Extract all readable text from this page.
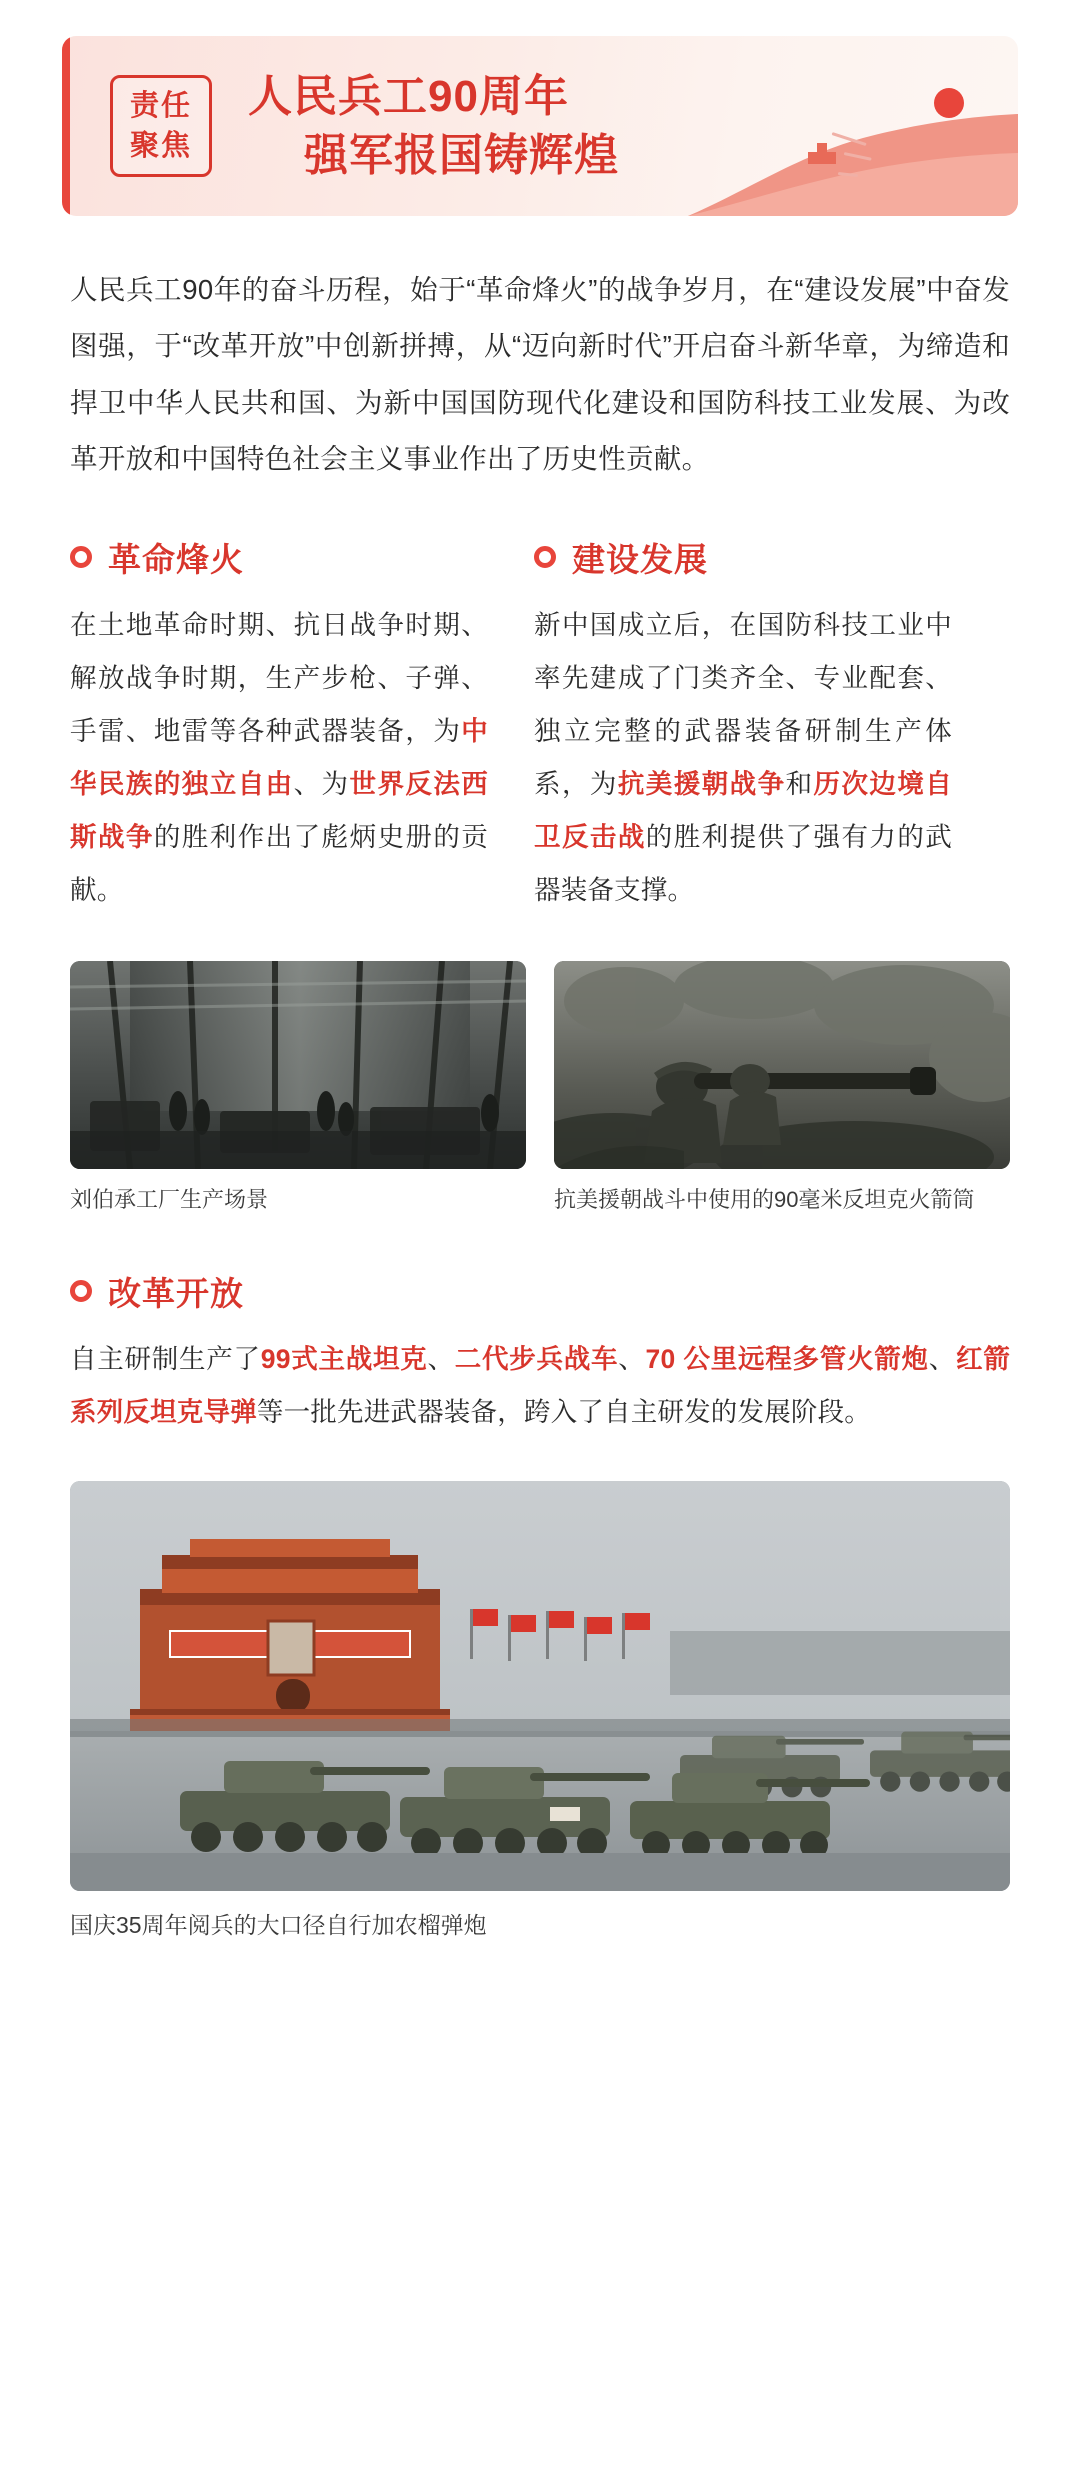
责任
聚焦
人民兵工90周年
强军报国铸辉煌
人民兵工90年的奋斗历程，始于“革命烽火”的战争岁月，在“建设发展”中奋发图强，于“改革开放”中创新拼搏，从“迈向新时代”开启奋斗新华章，为缔造和捍卫中华人民共和国、为新中国国防现代化建设和国防科技工业发展、为改革开放和中国特色社会主义事业作出了历史性贡献。
革命烽火
在土地革命时期、抗日战争时期、解放战争时期，生产步枪、子弹、手雷、地雷等各种武器装备，为中华民族的独立自由、为世界反法西斯战争的胜利作出了彪炳史册的贡献。
建设发展
新中国成立后，在国防科技工业中率先建成了门类齐全、专业配套、独立完整的武器装备研制生产体系，为抗美援朝战争和历次边境自卫反击战的胜利提供了强有力的武器装备支撑。
刘伯承工厂生产场景	抗美援朝战斗中使用的90毫米反坦克火箭筒
改革开放
自主研制生产了99式主战坦克、二代步兵战车、70 公里远程多管火箭炮、红箭系列反坦克导弹等一批先进武器装备，跨入了自主研发的发展阶段。
国庆35周年阅兵的大口径自行加农榴弹炮
